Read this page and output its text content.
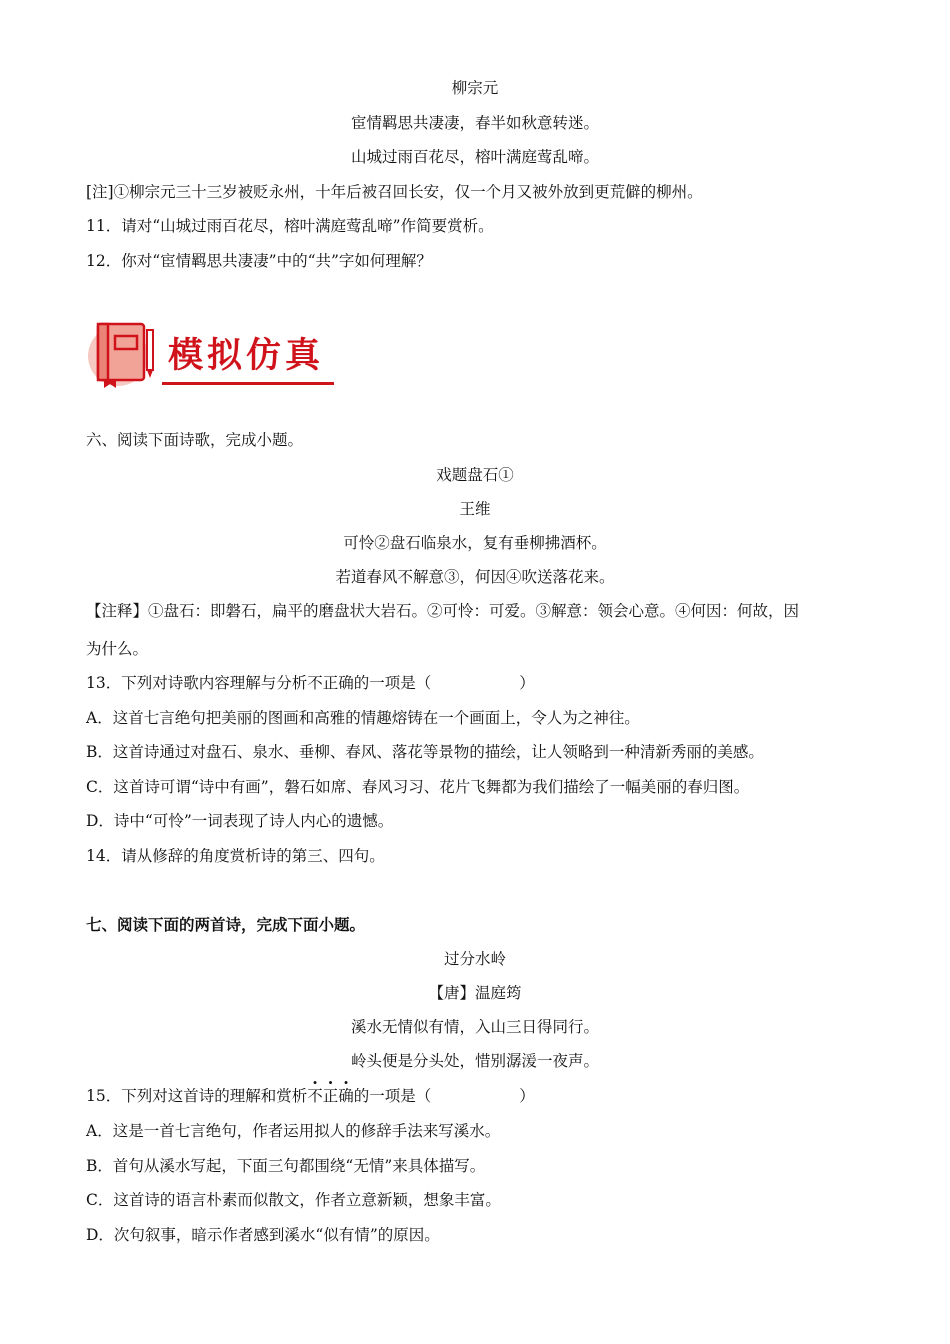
柳宗元
宦情羁思共凄凄，春半如秋意转迷。
山城过雨百花尽，榕叶满庭莺乱啼。
[注]①柳宗元三十三岁被贬永州，十年后被召回长安，仅一个月又被外放到更荒僻的柳州。
11．请对“山城过雨百花尽，榕叶满庭莺乱啼”作简要赏析。
12．你对“宦情羁思共凄凄”中的“共”字如何理解？
模拟仿真
六、阅读下面诗歌，完成小题。
戏题盘石①
王维
可怜②盘石临泉水，复有垂柳拂酒杯。
若道春风不解意③，何因④吹送落花来。
【注释】①盘石：即磐石，扁平的磨盘状大岩石。②可怜：可爱。③解意：领会心意。④何因：何故，因
为什么。
13．下列对诗歌内容理解与分析不正确的一项是（	）
A．这首七言绝句把美丽的图画和高雅的情趣熔铸在一个画面上，令人为之神往。
B．这首诗通过对盘石、泉水、垂柳、春风、落花等景物的描绘，让人领略到一种清新秀丽的美感。
C．这首诗可谓“诗中有画”，磐石如席、春风习习、花片飞舞都为我们描绘了一幅美丽的春归图。
D．诗中“可怜”一词表现了诗人内心的遗憾。
14．请从修辞的角度赏析诗的第三、四句。
七、阅读下面的两首诗，完成下面小题。
过分水岭
【唐】温庭筠
溪水无情似有情，入山三日得同行。
岭头便是分头处，惜别潺湲一夜声。
15．下列对这首诗的理解和赏析不正确的一项是（	）
A．这是一首七言绝句，作者运用拟人的修辞手法来写溪水。
B．首句从溪水写起，下面三句都围绕“无情”来具体描写。
C．这首诗的语言朴素而似散文，作者立意新颖，想象丰富。
D．次句叙事，暗示作者感到溪水“似有情”的原因。
